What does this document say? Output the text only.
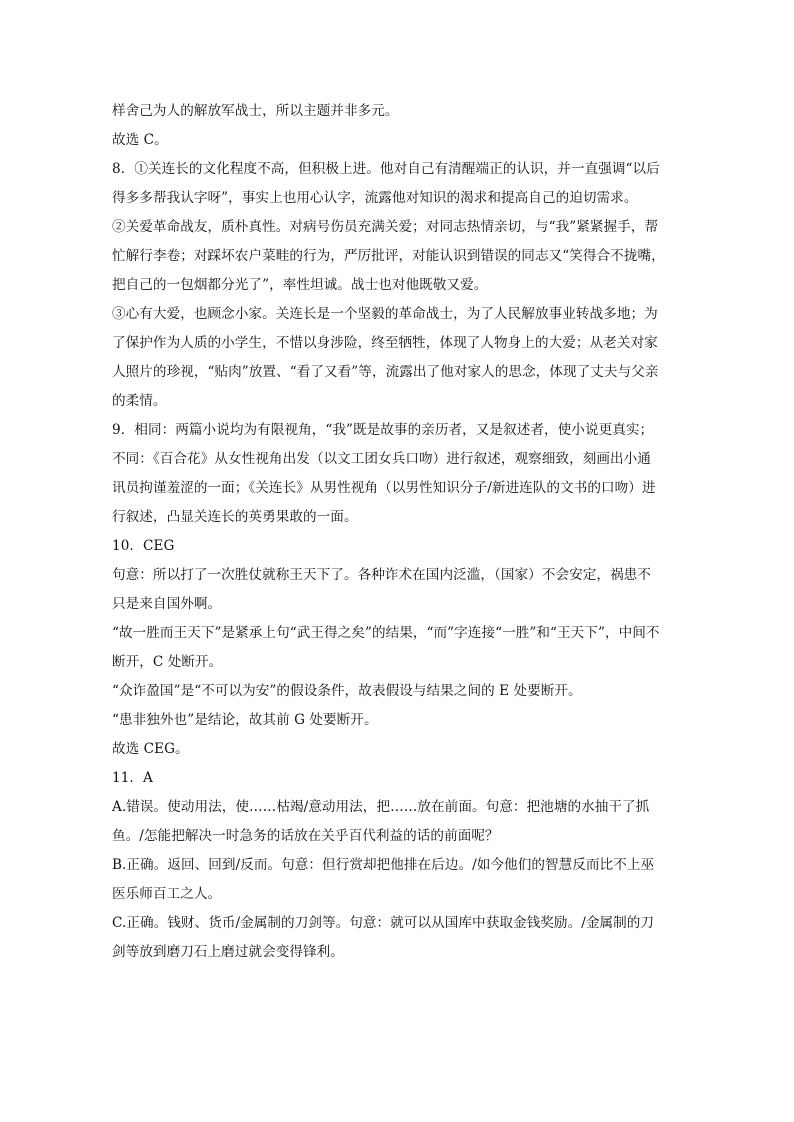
样舍己为人的解放军战士，所以主题并非多元。

故选 C。

8．①关连长的文化程度不高，但积极上进。他对自己有清醒端正的认识，并一直强调“以后

得多多帮我认字呀”，事实上也用心认字，流露他对知识的渴求和提高自己的迫切需求。

②关爱革命战友，质朴真性。对病号伤员充满关爱；对同志热情亲切，与“我”紧紧握手，帮

忙解行李卷；对踩坏农户菜畦的行为，严厉批评，对能认识到错误的同志又“笑得合不拢嘴，

把自己的一包烟都分光了”，率性坦诚。战士也对他既敬又爱。

③心有大爱，也顾念小家。关连长是一个坚毅的革命战士，为了人民解放事业转战多地；为

了保护作为人质的小学生，不惜以身涉险，终至牺牲，体现了人物身上的大爱；从老关对家

人照片的珍视，“贴肉”放置、“看了又看”等，流露出了他对家人的思念，体现了丈夫与父亲

的柔情。

9．相同：两篇小说均为有限视角，“我”既是故事的亲历者，又是叙述者，使小说更真实；

不同：《百合花》从女性视角出发（以文工团女兵口吻）进行叙述，观察细致，刻画出小通

讯员拘谨羞涩的一面；《关连长》从男性视角（以男性知识分子/新进连队的文书的口吻）进

行叙述，凸显关连长的英勇果敢的一面。

10．CEG

句意：所以打了一次胜仗就称王天下了。各种诈术在国内泛滥，（国家）不会安定，祸患不

只是来自国外啊。

“故一胜而王天下”是紧承上句“武王得之矣”的结果，“而”字连接“一胜”和“王天下”，中间不

断开，C 处断开。

“众诈盈国”是“不可以为安”的假设条件，故表假设与结果之间的 E 处要断开。

“患非独外也”是结论，故其前 G 处要断开。

故选 CEG。

11．A

A.错误。使动用法，使……枯竭/意动用法，把……放在前面。句意：把池塘的水抽干了抓

鱼。/怎能把解决一时急务的话放在关乎百代利益的话的前面呢？

B.正确。返回、回到/反而。句意：但行赏却把他排在后边。/如今他们的智慧反而比不上巫

医乐师百工之人。

C.正确。钱财、货币/金属制的刀剑等。句意：就可以从国库中获取金钱奖励。/金属制的刀

剑等放到磨刀石上磨过就会变得锋利。
